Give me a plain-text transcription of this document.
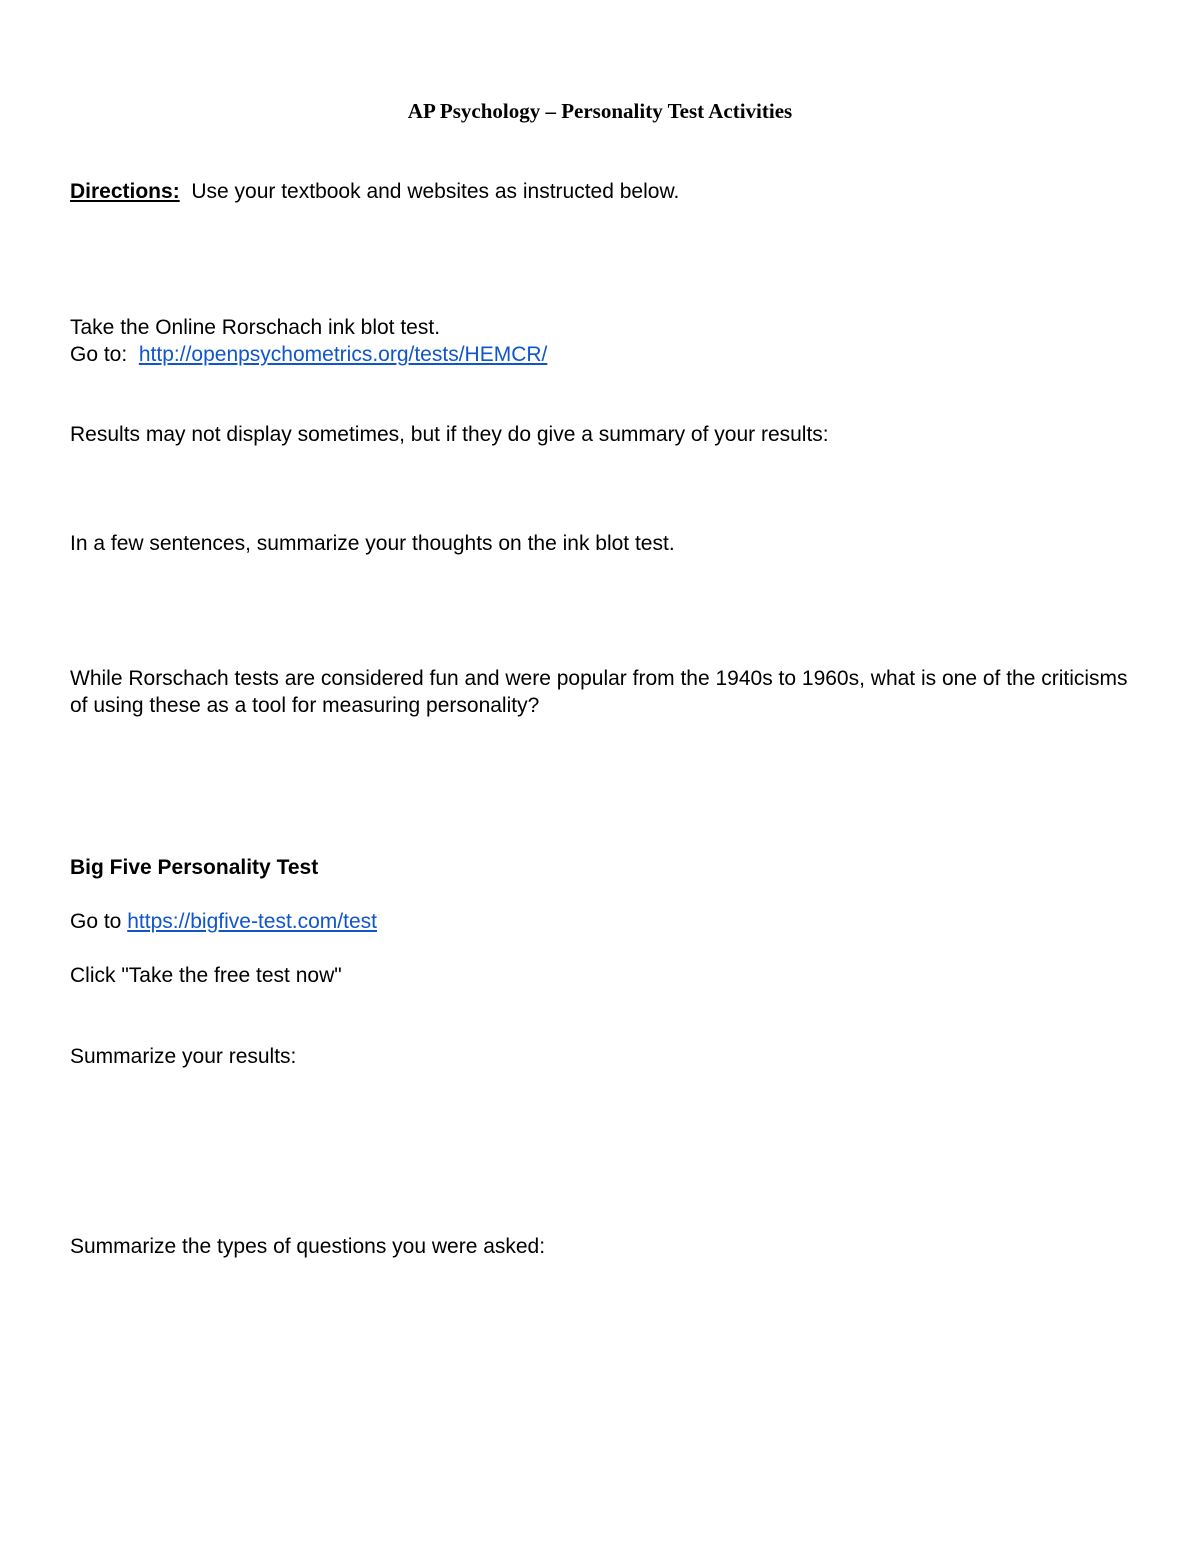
AP Psychology – Personality Test Activities
Directions: Use your textbook and websites as instructed below.
Take the Online Rorschach ink blot test.
Go to: http://openpsychometrics.org/tests/HEMCR/
Results may not display sometimes, but if they do give a summary of your results:
In a few sentences, summarize your thoughts on the ink blot test.
While Rorschach tests are considered fun and were popular from the 1940s to 1960s, what is one of the criticisms of using these as a tool for measuring personality?
Big Five Personality Test
Go to https://bigfive-test.com/test
Click "Take the free test now"
Summarize your results:
Summarize the types of questions you were asked:
